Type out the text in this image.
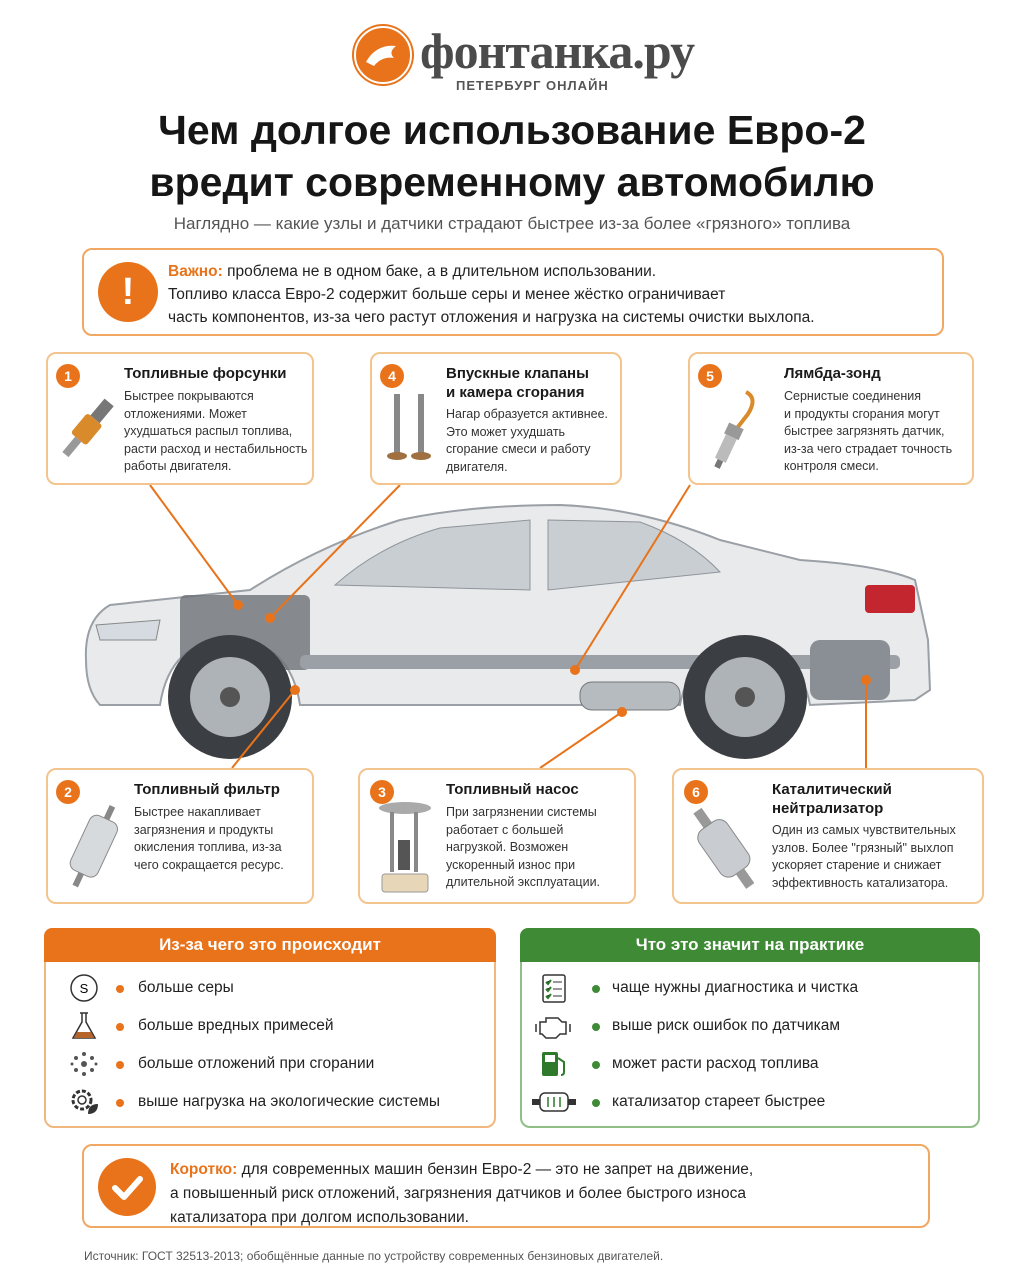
фонтанка.ру
ПЕТЕРБУРГ ОНЛАЙН
Чем долгое использование Евро-2
вредит современному автомобилю
Наглядно — какие узлы и датчики страдают быстрее из-за более «грязного» топлива
!	Важно: проблема не в одном баке, а в длительном использовании.
Топливо класса Евро-2 содержит больше серы и менее жёстко ограничивает
часть компонентов, из-за чего растут отложения и нагрузка на системы очистки выхлопа.
1	Топливные форсунки
Быстрее покрываются
отложениями. Может
ухудшаться распыл топлива,
расти расход и нестабильность
работы двигателя.
4	Впускные клапаны
и камера сгорания
Нагар образуется активнее.
Это может ухудшать
сгорание смеси и работу
двигателя.
5	Лямбда-зонд
Сернистые соединения
и продукты сгорания могут
быстрее загрязнять датчик,
из-за чего страдает точность
контроля смеси.
2	Топливный фильтр
Быстрее накапливает
загрязнения и продукты
окисления топлива, из-за
чего сокращается ресурс.
3	Топливный насос
При загрязнении системы
работает с большей
нагрузкой. Возможен
ускоренный износ при
длительной эксплуатации.
6	Каталитический
нейтрализатор
Один из самых чувствительных
узлов. Более "грязный" выхлоп
ускоряет старение и снижает
эффективность катализатора.
Из-за чего это происходит
S	больше серы
больше вредных примесей
больше отложений при сгорании
выше нагрузка на экологические системы
Что это значит на практике
чаще нужны диагностика и чистка
выше риск ошибок по датчикам
может расти расход топлива
катализатор стареет быстрее
Коротко: для современных машин бензин Евро-2 — это не запрет на движение,
а повышенный риск отложений, загрязнения датчиков и более быстрого износа
катализатора при долгом использовании.
Источник: ГОСТ 32513-2013; обобщённые данные по устройству современных бензиновых двигателей.
